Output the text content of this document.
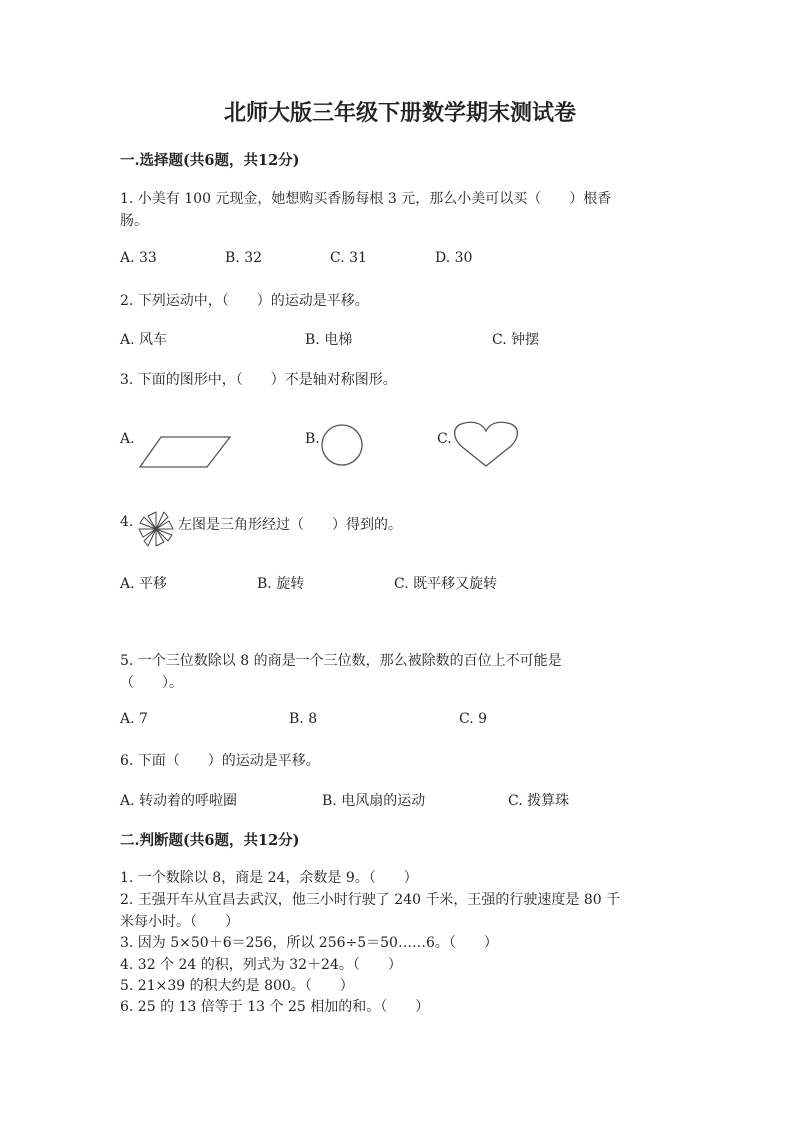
北师大版三年级下册数学期末测试卷
一.选择题(共6题，共12分)
1. 小美有 100 元现金，她想购买香肠每根 3 元，那么小美可以买（　　）根香
肠。
A. 33	B. 32	C. 31	D. 30
2. 下列运动中，（　　）的运动是平移。
A. 风车	B. 电梯	C. 钟摆
3. 下面的图形中，（　　）不是轴对称图形。
A.	B.	C.
4.	左图是三角形经过（　　）得到的。
A. 平移	B. 旋转	C. 既平移又旋转
5. 一个三位数除以 8 的商是一个三位数，那么被除数的百位上不可能是
（　　）。
A. 7	B. 8	C. 9
6. 下面（　　）的运动是平移。
A. 转动着的呼啦圈	B. 电风扇的运动	C. 拨算珠
二.判断题(共6题，共12分)
1. 一个数除以 8，商是 24，余数是 9。（　　）
2. 王强开车从宜昌去武汉，他三小时行驶了 240 千米，王强的行驶速度是 80 千
米每小时。（　　）
3. 因为 5×50＋6＝256，所以 256÷5＝50……6。（　　）
4. 32 个 24 的积，列式为 32＋24。（　　）
5. 21×39 的积大约是 800。（　　）
6. 25 的 13 倍等于 13 个 25 相加的和。（　　）
